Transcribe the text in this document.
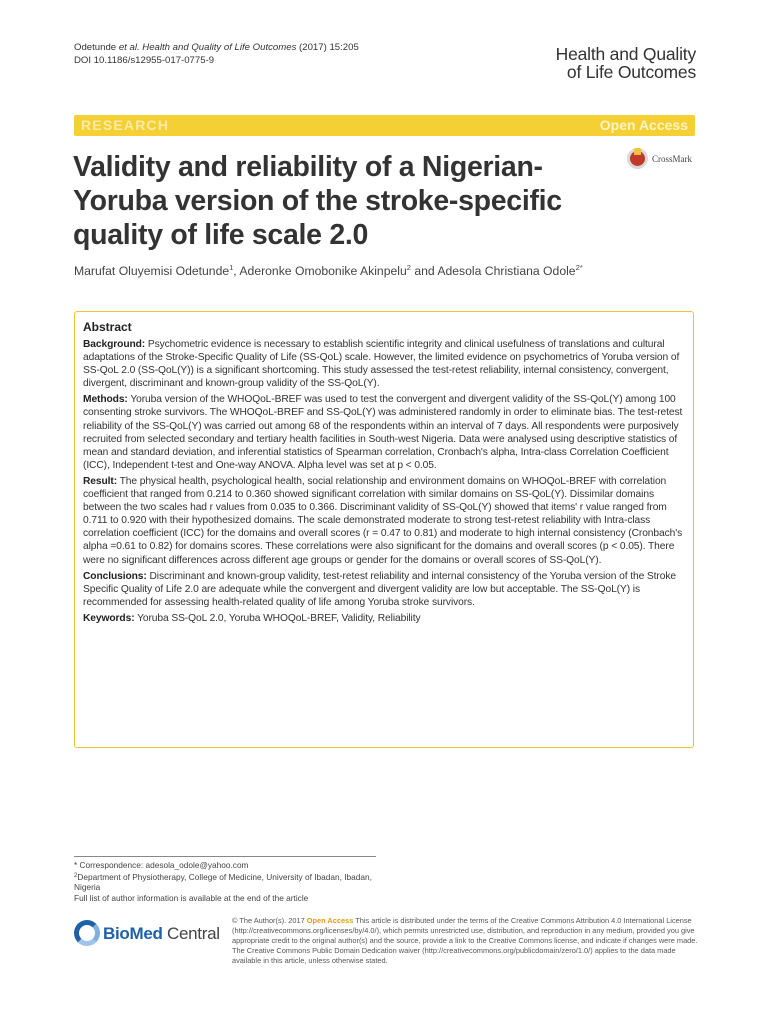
Odetunde et al. Health and Quality of Life Outcomes (2017) 15:205
DOI 10.1186/s12955-017-0775-9	Health and Quality
of Life Outcomes
RESEARCH	Open Access
CrossMark
Validity and reliability of a Nigerian-Yoruba version of the stroke-specific quality of life scale 2.0
Marufat Oluyemisi Odetunde$^1$, Aderonke Omobonike Akinpelu$^2$ and Adesola Christiana Odole$^{2*}$
Abstract

Background: Psychometric evidence is necessary to establish scientific integrity and clinical usefulness of translations and cultural adaptations of the Stroke-Specific Quality of Life (SS-QoL) scale. However, the limited evidence on psychometrics of Yoruba version of SS-QoL 2.0 (SS-QoL(Y)) is a significant shortcoming. This study assessed the test-retest reliability, internal consistency, convergent, divergent, discriminant and known-group validity of the SS-QoL(Y).

Methods: Yoruba version of the WHOQoL-BREF was used to test the convergent and divergent validity of the SS-QoL(Y) among 100 consenting stroke survivors. The WHOQoL-BREF and SS-QoL(Y) was administered randomly in order to eliminate bias. The test-retest reliability of the SS-QoL(Y) was carried out among 68 of the respondents within an interval of 7 days. All respondents were purposively recruited from selected secondary and tertiary health facilities in South-west Nigeria. Data were analysed using descriptive statistics of mean and standard deviation, and inferential statistics of Spearman correlation, Cronbach's alpha, Intra-class Correlation Coefficient (ICC), Independent t-test and One-way ANOVA. Alpha level was set at p < 0.05.

Result: The physical health, psychological health, social relationship and environment domains on WHOQoL-BREF with correlation coefficient that ranged from 0.214 to 0.360 showed significant correlation with similar domains on SS-QoL(Y). Dissimilar domains between the two scales had r values from 0.035 to 0.366. Discriminant validity of SS-QoL(Y) showed that items' r value ranged from 0.711 to 0.920 with their hypothesized domains. The scale demonstrated moderate to strong test-retest reliability with Intra-class correlation coefficient (ICC) for the domains and overall scores (r = 0.47 to 0.81) and moderate to high internal consistency (Cronbach's alpha =0.61 to 0.82) for domains scores. These correlations were also significant for the domains and overall scores (p < 0.05). There were no significant differences across different age groups or gender for the domains or overall scores of SS-QoL(Y).

Conclusions: Discriminant and known-group validity, test-retest reliability and internal consistency of the Yoruba version of the Stroke Specific Quality of Life 2.0 are adequate while the convergent and divergent validity are low but acceptable. The SS-QoL(Y) is recommended for assessing health-related quality of life among Yoruba stroke survivors.

Keywords: Yoruba SS-QoL 2.0, Yoruba WHOQoL-BREF, Validity, Reliability

* Correspondence: adesola_odole@yahoo.com
$^2$Department of Physiotherapy, College of Medicine, University of Ibadan, Ibadan, Nigeria
Full list of author information is available at the end of the article
BioMed Central
© The Author(s). 2017 Open Access This article is distributed under the terms of the Creative Commons Attribution 4.0 International License (http://creativecommons.org/licenses/by/4.0/), which permits unrestricted use, distribution, and reproduction in any medium, provided you give appropriate credit to the original author(s) and the source, provide a link to the Creative Commons license, and indicate if changes were made. The Creative Commons Public Domain Dedication waiver (http://creativecommons.org/publicdomain/zero/1.0/) applies to the data made available in this article, unless otherwise stated.
